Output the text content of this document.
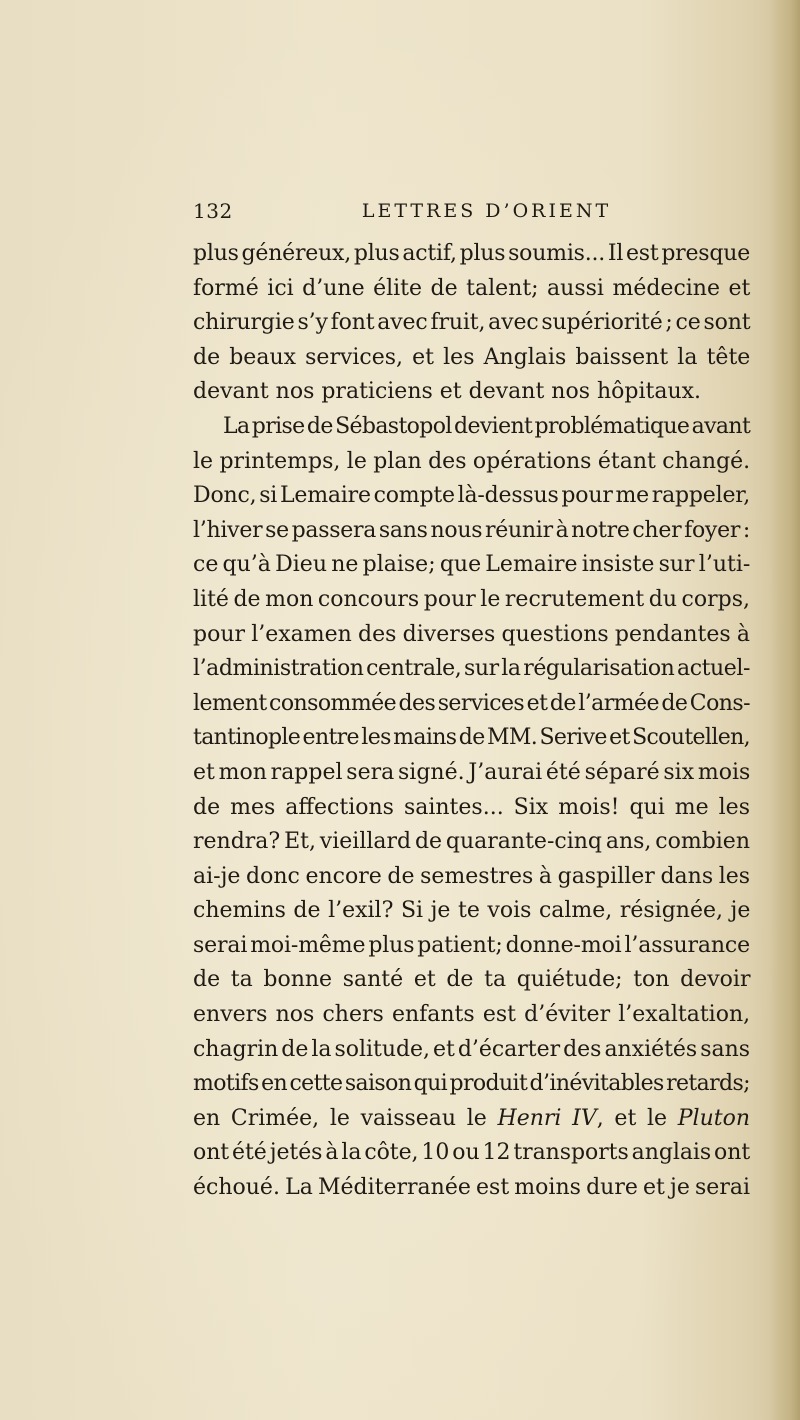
132	LETTRES D’ORIENT
plus généreux, plus actif, plus soumis... Il est presque
formé ici d’une élite de talent; aussi médecine et
chirurgie s’y font avec fruit, avec supériorité ; ce sont
de beaux services, et les Anglais baissent la tête
devant nos praticiens et devant nos hôpitaux.
La prise de Sébastopol devient problématique avant
le printemps, le plan des opérations étant changé.
Donc, si Lemaire compte là-dessus pour me rappeler,
l’hiver se passera sans nous réunir à notre cher foyer :
ce qu’à Dieu ne plaise; que Lemaire insiste sur l’uti-
lité de mon concours pour le recrutement du corps,
pour l’examen des diverses questions pendantes à
l’administration centrale, sur la régularisation actuel-
lement consommée des services et de l’armée de Cons-
tantinople entre les mains de MM. Serive et Scoutellen,
et mon rappel sera signé. J’aurai été séparé six mois
de mes affections saintes... Six mois! qui me les
rendra? Et, vieillard de quarante-cinq ans, combien
ai-je donc encore de semestres à gaspiller dans les
chemins de l’exil? Si je te vois calme, résignée, je
serai moi-même plus patient; donne-moi l’assurance
de ta bonne santé et de ta quiétude; ton devoir
envers nos chers enfants est d’éviter l’exaltation,
chagrin de la solitude, et d’écarter des anxiétés sans
motifs en cette saison qui produit d’inévitables retards;
en Crimée, le vaisseau le Henri IV, et le Pluton
ont été jetés à la côte, 10 ou 12 transports anglais ont
échoué. La Méditerranée est moins dure et je serai
